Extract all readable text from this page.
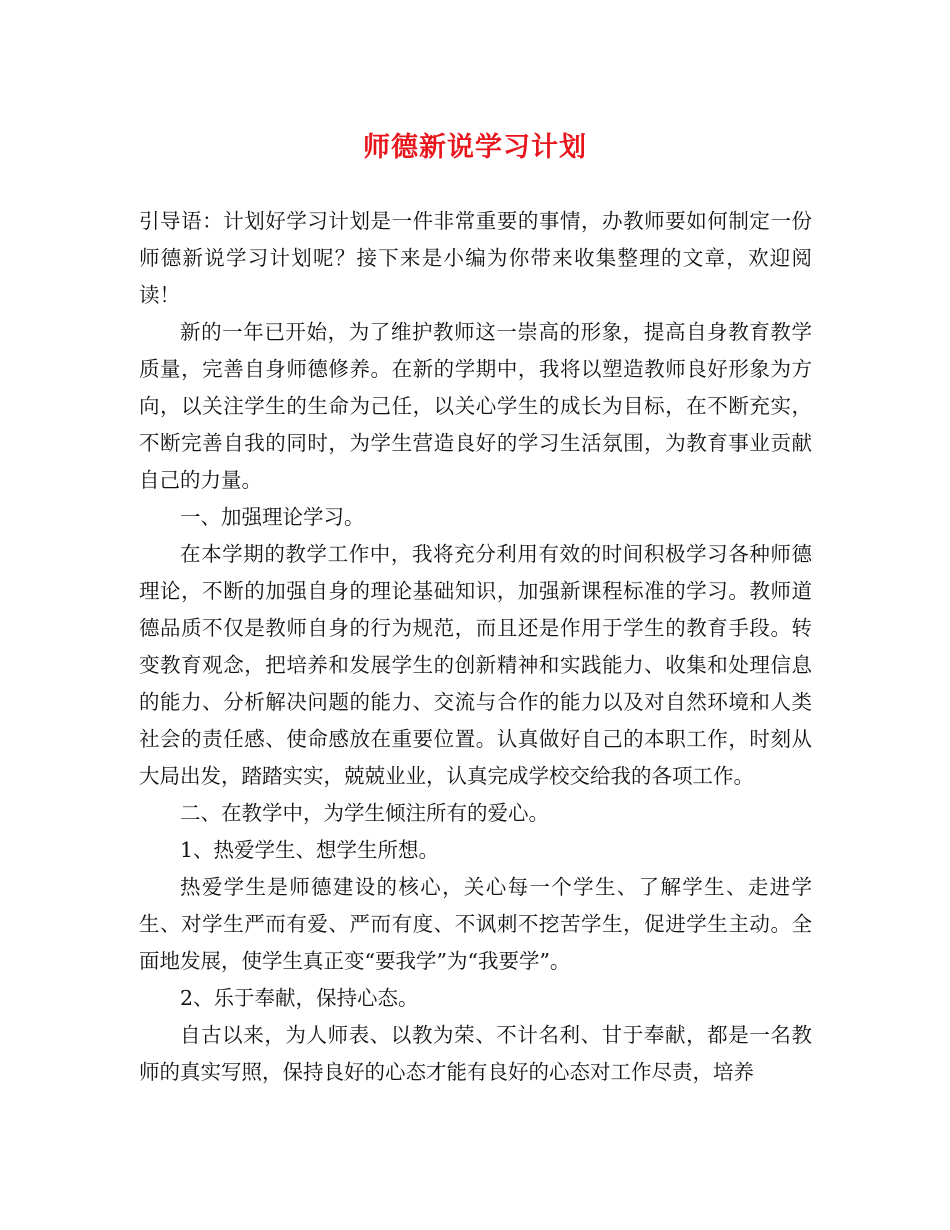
师德新说学习计划

引导语：计划好学习计划是一件非常重要的事情，办教师要如何制定一份师德新说学习计划呢？接下来是小编为你带来收集整理的文章，欢迎阅读！

新的一年已开始，为了维护教师这一崇高的形象，提高自身教育教学质量，完善自身师德修养。在新的学期中，我将以塑造教师良好形象为方向，以关注学生的生命为己任，以关心学生的成长为目标，在不断充实，不断完善自我的同时，为学生营造良好的学习生活氛围，为教育事业贡献自己的力量。

一、加强理论学习。

在本学期的教学工作中，我将充分利用有效的时间积极学习各种师德理论，不断的加强自身的理论基础知识，加强新课程标准的学习。教师道德品质不仅是教师自身的行为规范，而且还是作用于学生的教育手段。转变教育观念，把培养和发展学生的创新精神和实践能力、收集和处理信息的能力、分析解决问题的能力、交流与合作的能力以及对自然环境和人类社会的责任感、使命感放在重要位置。认真做好自己的本职工作，时刻从大局出发，踏踏实实，兢兢业业，认真完成学校交给我的各项工作。

二、在教学中，为学生倾注所有的爱心。

1、热爱学生、想学生所想。

热爱学生是师德建设的核心，关心每一个学生、了解学生、走进学生、对学生严而有爱、严而有度、不讽刺不挖苦学生，促进学生主动。全面地发展，使学生真正变“要我学”为“我要学”。

2、乐于奉献，保持心态。

自古以来，为人师表、以教为荣、不计名利、甘于奉献，都是一名教师的真实写照，保持良好的心态才能有良好的心态对工作尽责，培养
